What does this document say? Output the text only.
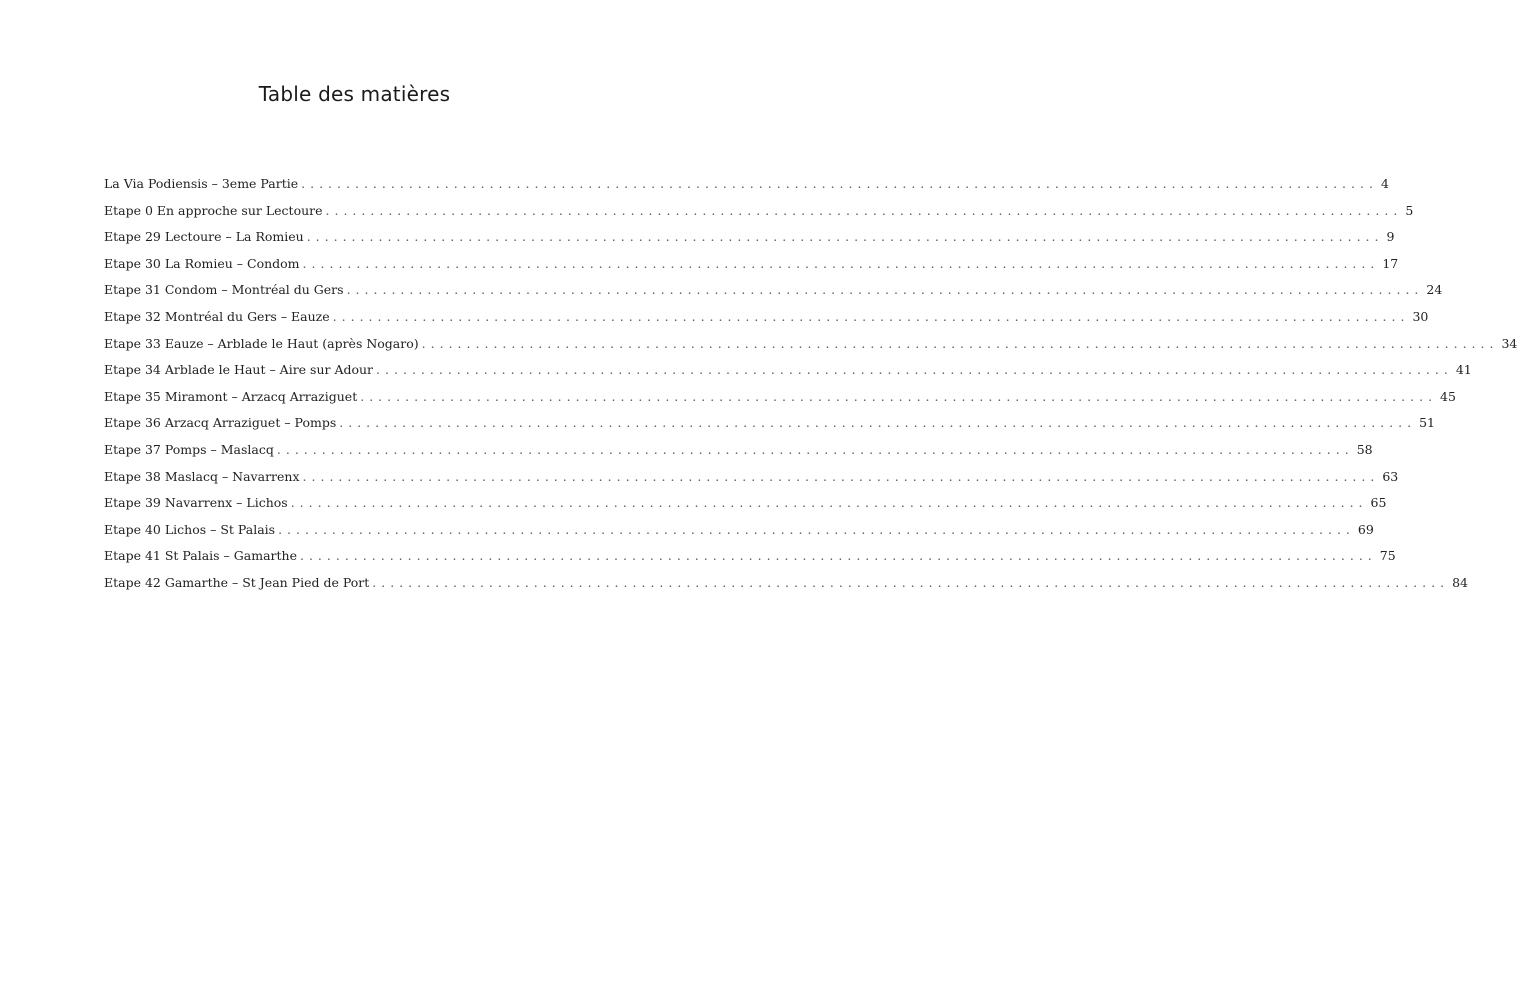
Table des matières
La Via Podiensis – 3eme Partie ........................................................................................................................ 4
Etape 0 En approche sur Lectoure ........................................................................................................................ 5
Etape 29 Lectoure – La Romieu ........................................................................................................................ 9
Etape 30 La Romieu – Condom ........................................................................................................................ 17
Etape 31 Condom – Montréal du Gers ........................................................................................................................ 24
Etape 32 Montréal du Gers – Eauze ........................................................................................................................ 30
Etape 33 Eauze – Arblade le Haut (après Nogaro) ........................................................................................................................ 34
Etape 34 Arblade le Haut – Aire sur Adour ........................................................................................................................ 41
Etape 35 Miramont – Arzacq Arraziguet ........................................................................................................................ 45
Etape 36 Arzacq Arraziguet – Pomps ........................................................................................................................ 51
Etape 37 Pomps – Maslacq ........................................................................................................................ 58
Etape 38 Maslacq – Navarrenx ........................................................................................................................ 63
Etape 39 Navarrenx – Lichos ........................................................................................................................ 65
Etape 40 Lichos – St Palais ........................................................................................................................ 69
Etape 41 St Palais – Gamarthe ........................................................................................................................ 75
Etape 42 Gamarthe – St Jean Pied de Port ........................................................................................................................ 84
